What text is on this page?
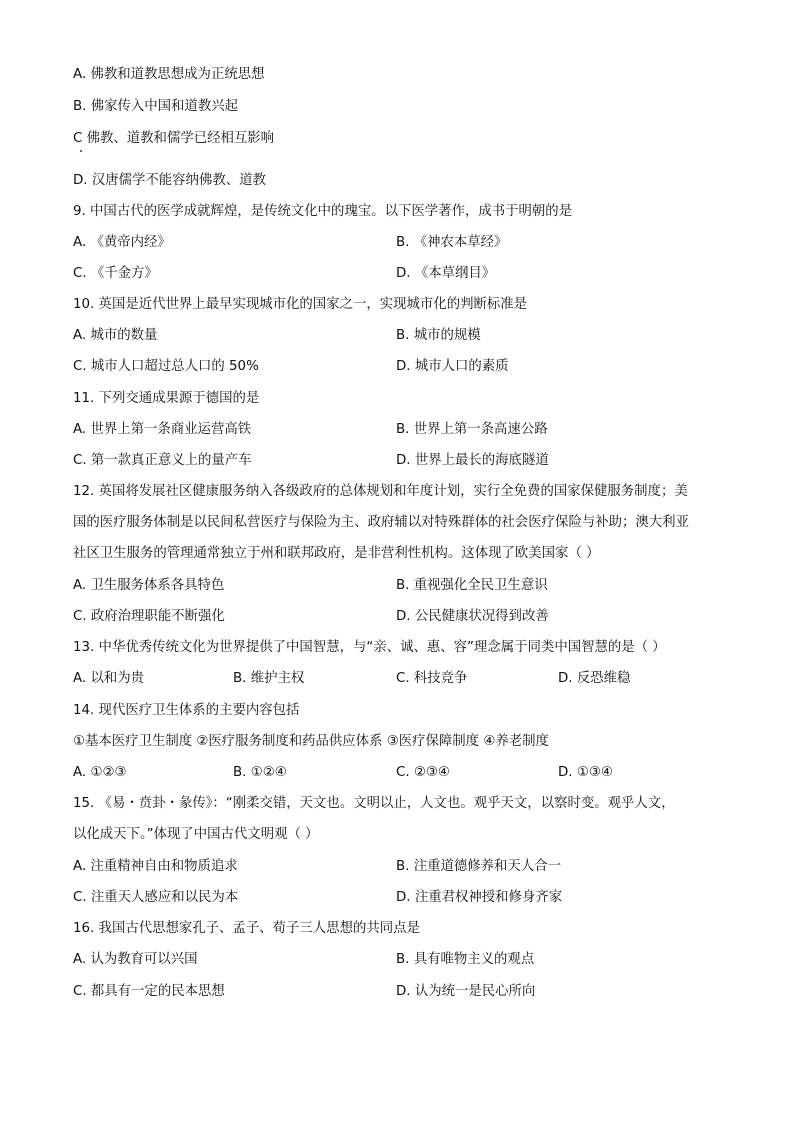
A. 佛教和道教思想成为正统思想
B. 佛家传入中国和道教兴起
C 佛教、道教和儒学已经相互影响
D. 汉唐儒学不能容纳佛教、道教
9. 中国古代的医学成就辉煌，是传统文化中的瑰宝。以下医学著作，成书于明朝的是
A. 《黄帝内经》	B. 《神农本草经》
C. 《千金方》	D. 《本草纲目》
10. 英国是近代世界上最早实现城市化的国家之一，实现城市化的判断标准是
A. 城市的数量	B. 城市的规模
C. 城市人口超过总人口的 50%	D. 城市人口的素质
11. 下列交通成果源于德国的是
A. 世界上第一条商业运营高铁	B. 世界上第一条高速公路
C. 第一款真正意义上的量产车	D. 世界上最长的海底隧道
12. 英国将发展社区健康服务纳入各级政府的总体规划和年度计划，实行全免费的国家保健服务制度；美
国的医疗服务体制是以民间私营医疗与保险为主、政府辅以对特殊群体的社会医疗保险与补助；澳大利亚
社区卫生服务的管理通常独立于州和联邦政府，是非营利性机构。这体现了欧美国家（ ）
A. 卫生服务体系各具特色	B. 重视强化全民卫生意识
C. 政府治理职能不断强化	D. 公民健康状况得到改善
13. 中华优秀传统文化为世界提供了中国智慧，与“亲、诚、惠、容”理念属于同类中国智慧的是（ ）
A. 以和为贵	B. 维护主权	C. 科技竞争	D. 反恐维稳
14. 现代医疗卫生体系的主要内容包括
①基本医疗卫生制度 ②医疗服务制度和药品供应体系 ③医疗保障制度 ④养老制度
A. ①②③	B. ①②④	C. ②③④	D. ①③④
15. 《易・贲卦・彖传》：“刚柔交错，天文也。文明以止，人文也。观乎天文，以察时变。观乎人文，
以化成天下。”体现了中国古代文明观（ ）
A. 注重精神自由和物质追求	B. 注重道德修养和天人合一
C. 注重天人感应和以民为本	D. 注重君权神授和修身齐家
16. 我国古代思想家孔子、孟子、荀子三人思想的共同点是
A. 认为教育可以兴国	B. 具有唯物主义的观点
C. 都具有一定的民本思想	D. 认为统一是民心所向
